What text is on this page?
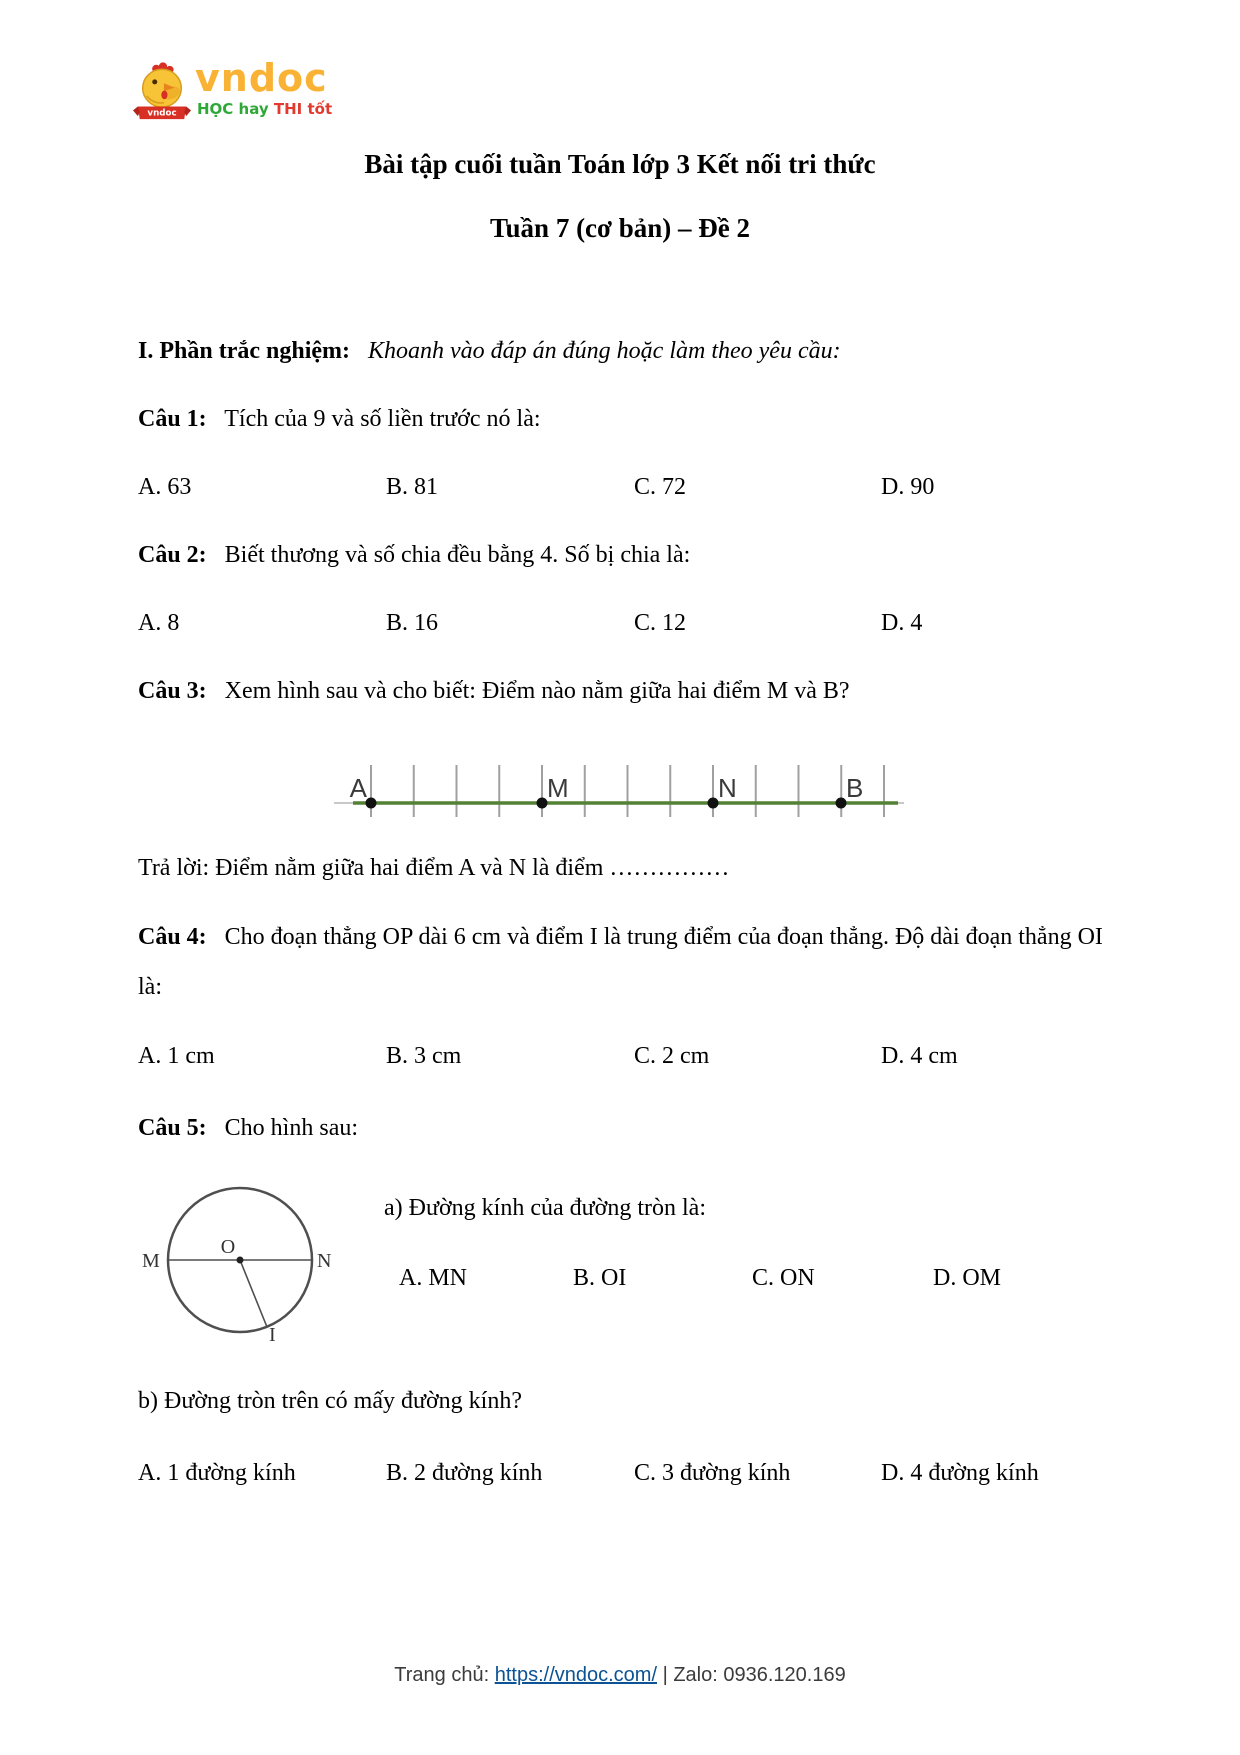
vndoc
vndoc
HỌC hay THI tốt
Bài tập cuối tuần Toán lớp 3 Kết nối tri thức
Tuần 7 (cơ bản) – Đề 2
I. Phần trắc nghiệm: Khoanh vào đáp án đúng hoặc làm theo yêu cầu:
Câu 1: Tích của 9 và số liền trước nó là:
A. 63	B. 81	C. 72	D. 90
Câu 2: Biết thương và số chia đều bằng 4. Số bị chia là:
A. 8	B. 16	C. 12	D. 4
Câu 3: Xem hình sau và cho biết: Điểm nào nằm giữa hai điểm M và B?
A	M	N	B
Trả lời: Điểm nằm giữa hai điểm A và N là điểm ……………
Câu 4: Cho đoạn thẳng OP dài 6 cm và điểm I là trung điểm của đoạn thẳng. Độ dài đoạn thẳng OI là:
A. 1 cm	B. 3 cm	C. 2 cm	D. 4 cm
Câu 5: Cho hình sau:
O
M	N
I
a) Đường kính của đường tròn là:
A. MN	B. OI	C. ON	D. OM
b) Đường tròn trên có mấy đường kính?
A. 1 đường kính	B. 2 đường kính	C. 3 đường kính	D. 4 đường kính
Trang chủ: https://vndoc.com/ | Zalo: 0936.120.169
